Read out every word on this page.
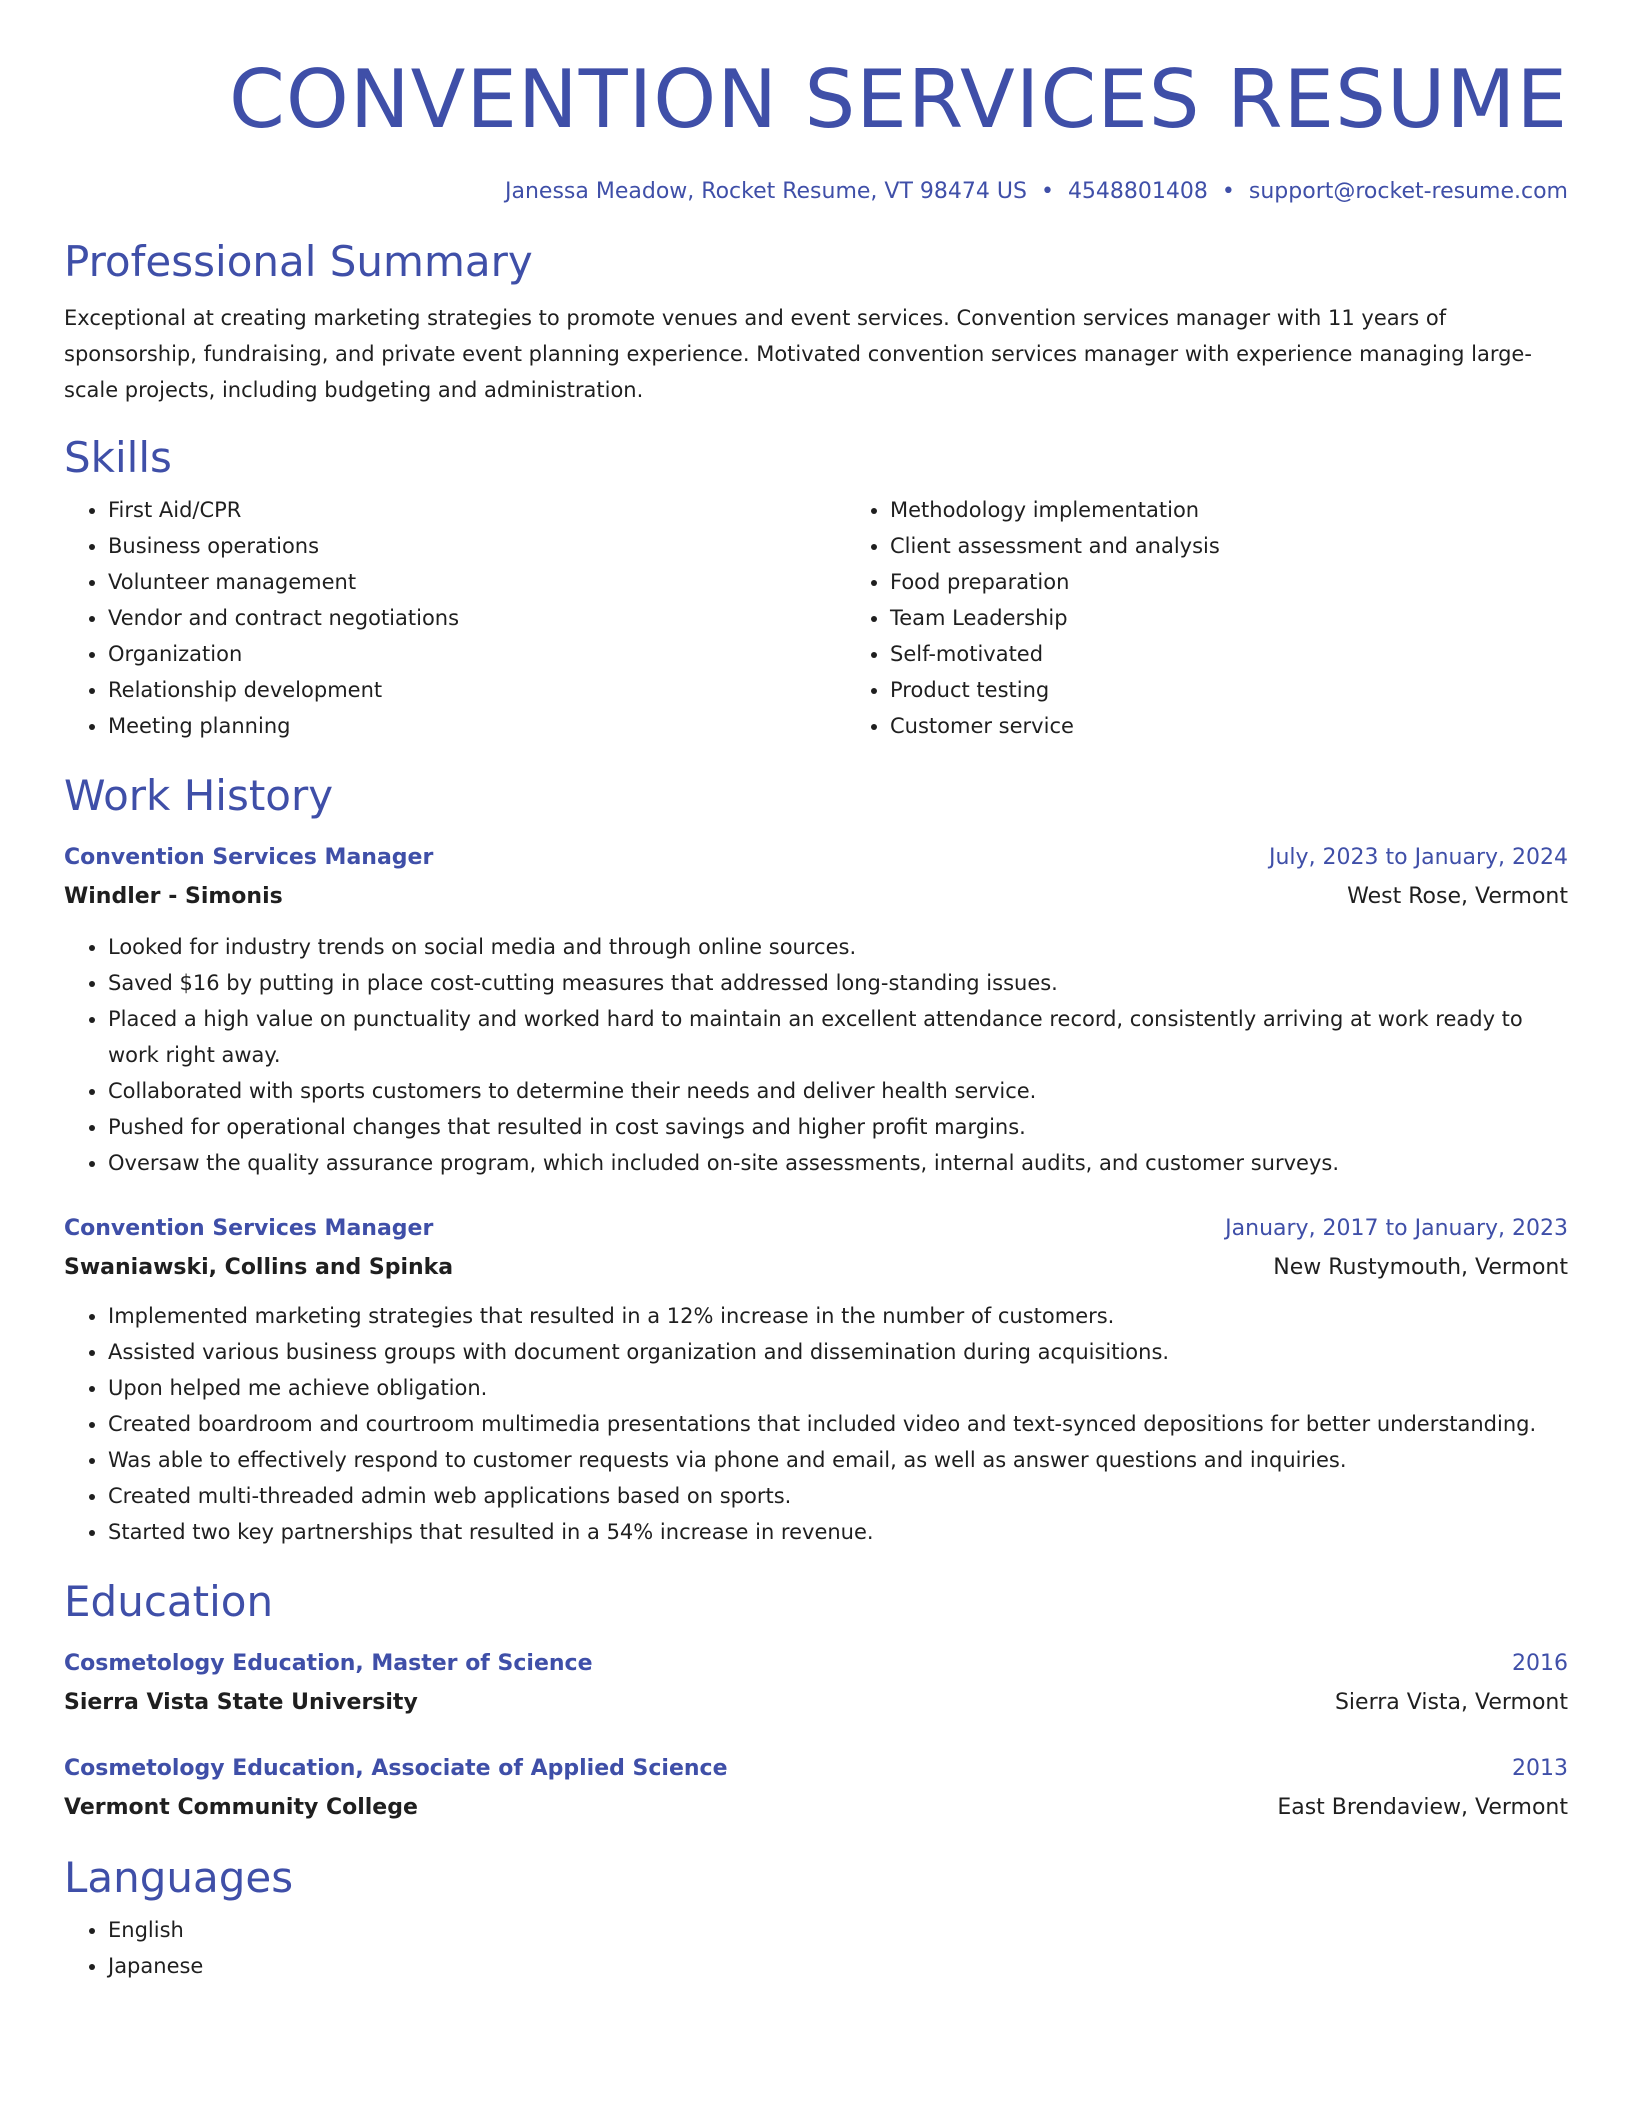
CONVENTION SERVICES RESUME
Janessa Meadow, Rocket Resume, VT 98474 US • 4548801408 • support@rocket-resume.com
Professional Summary
Exceptional at creating marketing strategies to promote venues and event services. Convention services manager with 11 years of sponsorship, fundraising, and private event planning experience. Motivated convention services manager with experience managing large-scale projects, including budgeting and administration.
Skills
• First Aid/CPR
• Business operations
• Volunteer management
• Vendor and contract negotiations
• Organization
• Relationship development
• Meeting planning
• Methodology implementation
• Client assessment and analysis
• Food preparation
• Team Leadership
• Self-motivated
• Product testing
• Customer service
Work History
Convention Services Manager	July, 2023 to January, 2024
Windler - Simonis	West Rose, Vermont
• Looked for industry trends on social media and through online sources.
• Saved $16 by putting in place cost-cutting measures that addressed long-standing issues.
• Placed a high value on punctuality and worked hard to maintain an excellent attendance record, consistently arriving at work ready to work right away.
• Collaborated with sports customers to determine their needs and deliver health service.
• Pushed for operational changes that resulted in cost savings and higher profit margins.
• Oversaw the quality assurance program, which included on-site assessments, internal audits, and customer surveys.
Convention Services Manager	January, 2017 to January, 2023
Swaniawski, Collins and Spinka	New Rustymouth, Vermont
• Implemented marketing strategies that resulted in a 12% increase in the number of customers.
• Assisted various business groups with document organization and dissemination during acquisitions.
• Upon helped me achieve obligation.
• Created boardroom and courtroom multimedia presentations that included video and text-synced depositions for better understanding.
• Was able to effectively respond to customer requests via phone and email, as well as answer questions and inquiries.
• Created multi-threaded admin web applications based on sports.
• Started two key partnerships that resulted in a 54% increase in revenue.
Education
Cosmetology Education, Master of Science	2016
Sierra Vista State University	Sierra Vista, Vermont
Cosmetology Education, Associate of Applied Science	2013
Vermont Community College	East Brendaview, Vermont
Languages
• English
• Japanese
